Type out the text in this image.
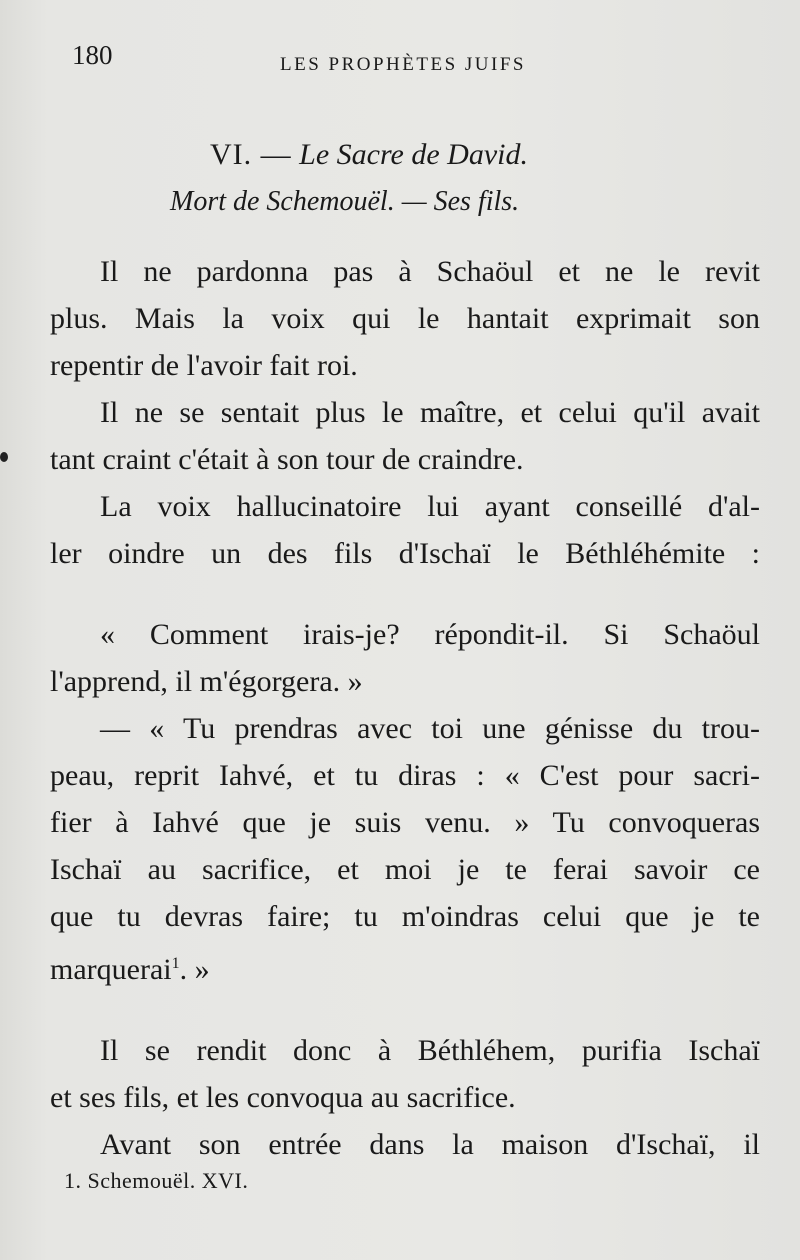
180	LES PROPHÈTES JUIFS
VI. — Le Sacre de David.
Mort de Schemouël. — Ses fils.

Il ne pardonna pas à Schaöul et ne le revit
plus. Mais la voix qui le hantait exprimait son
repentir de l'avoir fait roi.

Il ne se sentait plus le maître, et celui qu'il avait
tant craint c'était à son tour de craindre.

La voix hallucinatoire lui ayant conseillé d'al-
ler oindre un des fils d'Ischaï le Béthléhémite :

« Comment irais-je? répondit-il. Si Schaöul
l'apprend, il m'égorgera. »

— « Tu prendras avec toi une génisse du trou-
peau, reprit Iahvé, et tu diras : « C'est pour sacri-
fier à Iahvé que je suis venu. » Tu convoqueras
Ischaï au sacrifice, et moi je te ferai savoir ce
que tu devras faire; tu m'oindras celui que je te
marquerai$^1$. »

Il se rendit donc à Béthléhem, purifia Ischaï
et ses fils, et les convoqua au sacrifice.

Avant son entrée dans la maison d'Ischaï, il

1. Schemouël. XVI.
